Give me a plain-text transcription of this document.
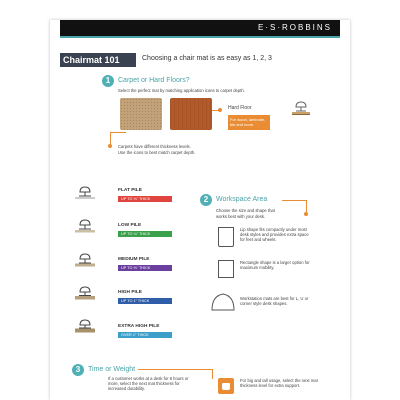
E·S·ROBBINS
Chairmat 101	Choosing a chair mat is as easy as 1, 2, 3
1	Carpet or Hard Floors?
Select the perfect mat by matching application icons to carpet depth.
Hard Floor
For wood, laminate, tile and more.
Carpets have different thickness levels.
Use the icons to best match carpet depth.
FLAT PILE
UP TO ⅛" THICK
LOW PILE
UP TO ¼" THICK
MEDIUM PILE
UP TO ⅜" THICK
HIGH PILE
UP TO 1" THICK
EXTRA HIGH PILE
OVER 1" THICK
2	Workspace Area
Choose the size and shape that
works best with your desk.
Lip shape fits compactly under most desk styles and provides extra space for feet and wheels.
Rectangle shape is a larger option for maximum mobility.
Workstation mats are best for L, U or corner style desk shapes.
3	Time or Weight
If a customer works at a desk for 8 hours or more, select the next mat thickness for increased durability.
For big and tall usage, select the next mat thickness level for extra support.
